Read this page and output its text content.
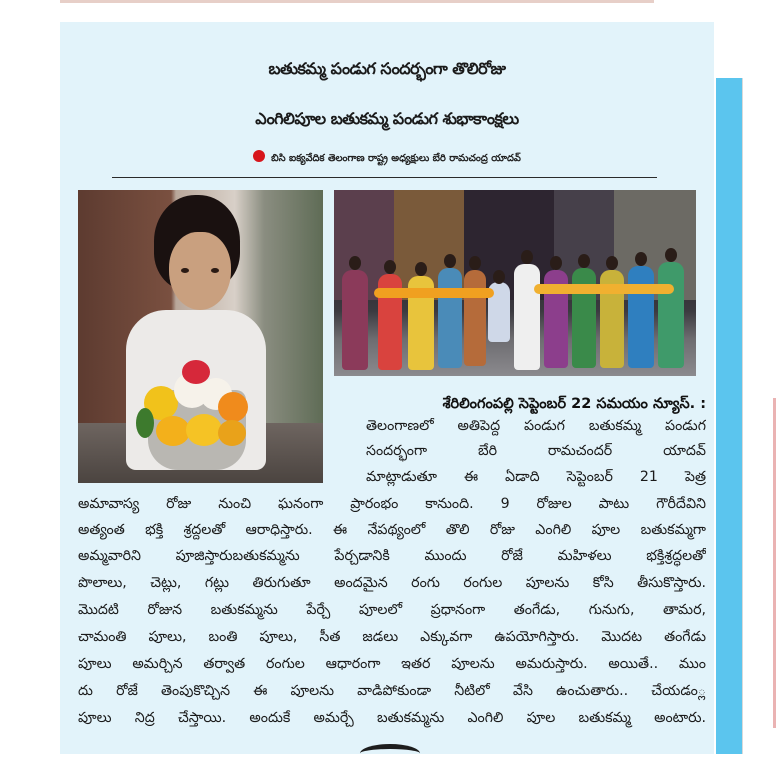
బతుకమ్మ పండుగ సందర్భంగా తొలిరోజు
ఎంగిలిపూల బతుకమ్మ పండుగ శుభాకాంక్షలు
బిసి ఐక్యవేదిక తెలంగాణ రాష్ట్ర అధ్యక్షులు బేరి రామచంద్ర యాదవ్
శేరిలింగంపల్లి సెప్టెంబర్ 22 సమయం న్యూస్. :
తెలంగాణలో అతిపెద్ద పండుగ బతుకమ్మ పండుగ
సందర్భంగా బేరి రామచందర్ యాదవ్
మాట్లాడుతూ ఈ ఏడాది సెప్టెంబర్ 21 పెత్ర
అమావాస్య రోజు నుంచి ఘనంగా ప్రారంభం కానుంది. 9 రోజుల పాటు గౌరీదేవిని
అత్యంత భక్తి శ్రద్దలతో ఆరాధిస్తారు. ఈ నేపథ్యంలో తొలి రోజు ఎంగిలి పూల బతుకమ్మగా
అమ్మవారిని పూజిస్తారుబతుకమ్మను పేర్చడానికి ముందు రోజే మహిళలు భక్తిశ్రద్ధలతో
పొలాలు, చెట్లు, గట్లు తిరుగుతూ అందమైన రంగు రంగుల పూలను కోసి తీసుకొస్తారు.
మొదటి రోజున బతుకమ్మను పేర్చే పూలలో ప్రధానంగా తంగేడు, గునుగు, తామర,
చామంతి పూలు, బంతి పూలు, సీత జడలు ఎక్కువగా ఉపయోగిస్తారు. మొదట తంగేడు
పూలు అమర్చిన తర్వాత రంగుల ఆధారంగా ఇతర పూలను అమరుస్తారు. అయితే.. ముం
దు రోజే తెంపుకొచ్చిన ఈ పూలను వాడిపోకుండా నీటిలో వేసి ఉంచుతారు.. చేయడం్ల
పూలు నిద్ర చేస్తాయి. అందుకే అమర్చే బతుకమ్మను ఎంగిలి పూల బతుకమ్మ అంటారు.
